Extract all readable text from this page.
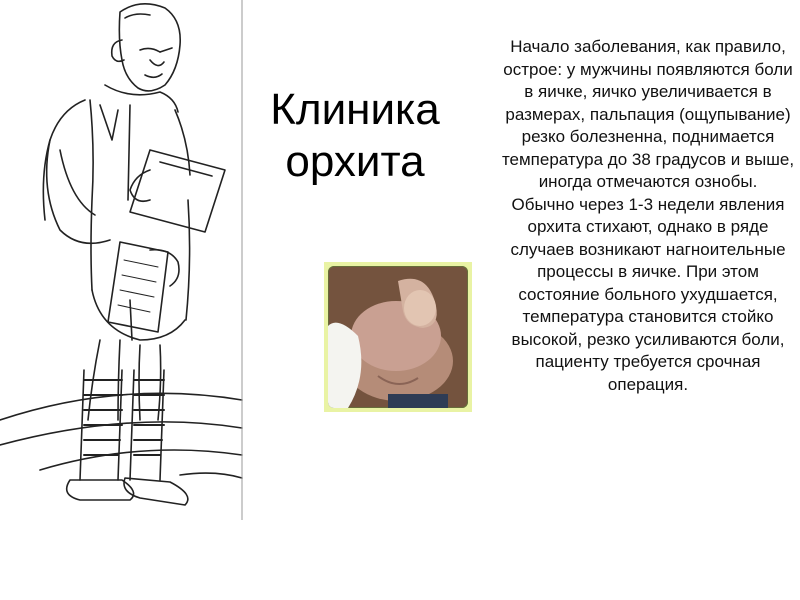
Клиника
орхита

Начало заболевания, как правило, острое: у мужчины появляются боли в яичке, яичко увеличивается в размерах, пальпация (ощупывание) резко болезненна, поднимается температура до 38 градусов и выше, иногда отмечаются ознобы.

Обычно через 1-3 недели явления орхита стихают, однако в ряде случаев возникают нагноительные процессы в яичке. При этом состояние больного ухудшается, температура становится стойко высокой, резко усиливаются боли, пациенту требуется срочная операция.
